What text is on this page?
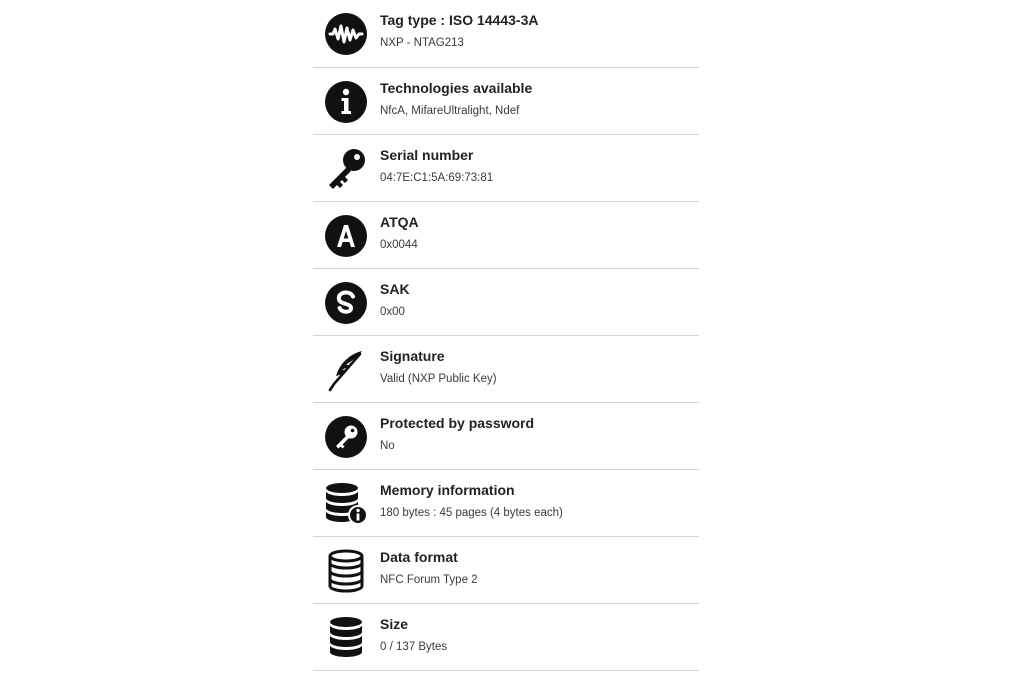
Tag type : ISO 14443-3A
NXP - NTAG213
Technologies available
NfcA, MifareUltralight, Ndef
Serial number
04:7E:C1:5A:69:73:81
ATQA
0x0044
SAK
0x00
Signature
Valid (NXP Public Key)
Protected by password
No
Memory information
180 bytes : 45 pages (4 bytes each)
Data format
NFC Forum Type 2
Size
0 / 137 Bytes
